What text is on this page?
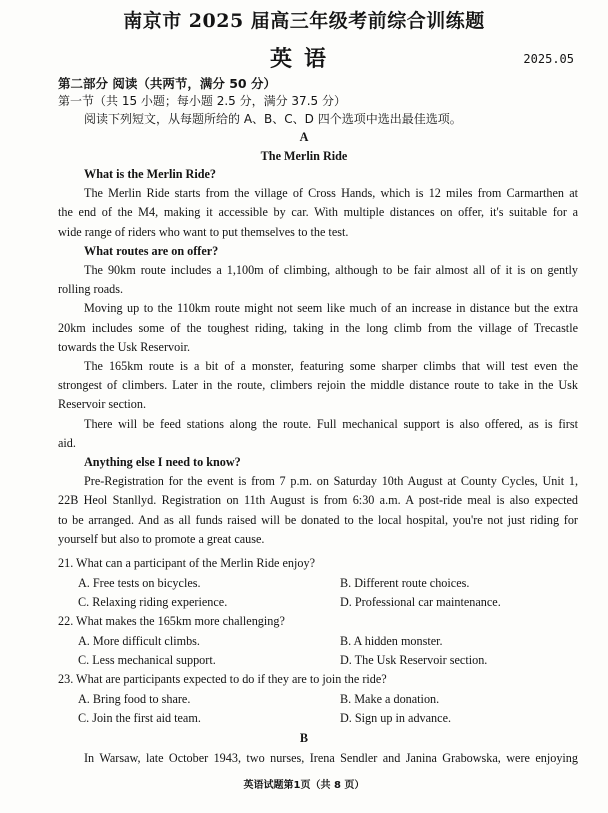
南京市 2025 届高三年级考前综合训练题
英语	2025.05
第二部分 阅读（共两节，满分 50 分）
第一节（共 15 小题；每小题 2.5 分，满分 37.5 分）
阅读下列短文，从每题所给的 A、B、C、D 四个选项中选出最佳选项。
A
The Merlin Ride
What is the Merlin Ride?
The Merlin Ride starts from the village of Cross Hands, which is 12 miles from Carmarthen at
the end of the M4, making it accessible by car. With multiple distances on offer, it's suitable for a
wide range of riders who want to put themselves to the test.
What routes are on offer?
The 90km route includes a 1,100m of climbing, although to be fair almost all of it is on gently
rolling roads.
Moving up to the 110km route might not seem like much of an increase in distance but the extra
20km includes some of the toughest riding, taking in the long climb from the village of Trecastle
towards the Usk Reservoir.
The 165km route is a bit of a monster, featuring some sharper climbs that will test even the
strongest of climbers. Later in the route, climbers rejoin the middle distance route to take in the Usk
Reservoir section.
There will be feed stations along the route. Full mechanical support is also offered, as is first
aid.
Anything else I need to know?
Pre-Registration for the event is from 7 p.m. on Saturday 10th August at County Cycles, Unit 1,
22B Heol Stanllyd. Registration on 11th August is from 6:30 a.m. A post-ride meal is also expected
to be arranged. And as all funds raised will be donated to the local hospital, you're not just riding for
yourself but also to promote a great cause.
21. What can a participant of the Merlin Ride enjoy?
A. Free tests on bicycles.	B. Different route choices.
C. Relaxing riding experience.	D. Professional car maintenance.
22. What makes the 165km more challenging?
A. More difficult climbs.	B. A hidden monster.
C. Less mechanical support.	D. The Usk Reservoir section.
23. What are participants expected to do if they are to join the ride?
A. Bring food to share.	B. Make a donation.
C. Join the first aid team.	D. Sign up in advance.
B
In Warsaw, late October 1943, two nurses, Irena Sendler and Janina Grabowska, were enjoying
英语试题第1页（共 8 页）
